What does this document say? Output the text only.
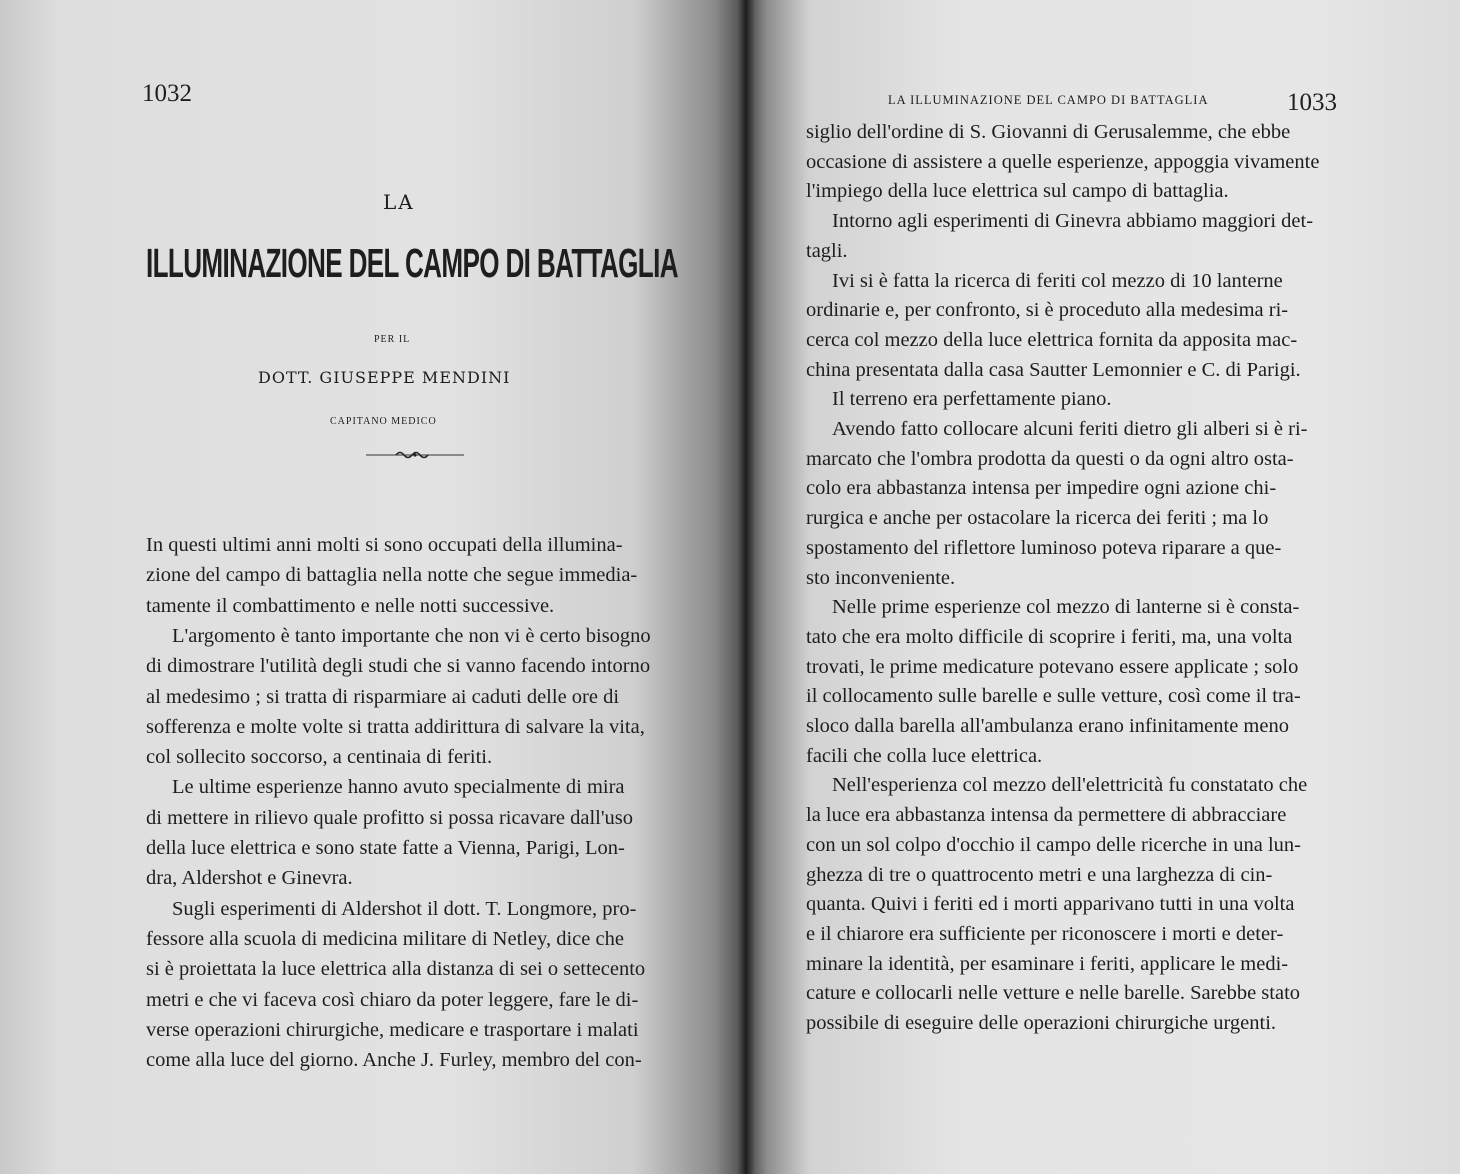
1032
LA
ILLUMINAZIONE DEL CAMPO DI BATTAGLIA
PER IL
DOTT. GIUSEPPE MENDINI
CAPITANO MEDICO
In questi ultimi anni molti si sono occupati della illumina-
zione del campo di battaglia nella notte che segue immedia-
tamente il combattimento e nelle notti successive.
L'argomento è tanto importante che non vi è certo bisogno
di dimostrare l'utilità degli studi che si vanno facendo intorno
al medesimo ; si tratta di risparmiare ai caduti delle ore di
sofferenza e molte volte si tratta addirittura di salvare la vita,
col sollecito soccorso, a centinaia di feriti.
Le ultime esperienze hanno avuto specialmente di mira
di mettere in rilievo quale profitto si possa ricavare dall'uso
della luce elettrica e sono state fatte a Vienna, Parigi, Lon-
dra, Aldershot e Ginevra.
Sugli esperimenti di Aldershot il dott. T. Longmore, pro-
fessore alla scuola di medicina militare di Netley, dice che
si è proiettata la luce elettrica alla distanza di sei o settecento
metri e che vi faceva così chiaro da poter leggere, fare le di-
verse operazioni chirurgiche, medicare e trasportare i malati
come alla luce del giorno. Anche J. Furley, membro del con-
LA ILLUMINAZIONE DEL CAMPO DI BATTAGLIA	1033
siglio dell'ordine di S. Giovanni di Gerusalemme, che ebbe
occasione di assistere a quelle esperienze, appoggia vivamente
l'impiego della luce elettrica sul campo di battaglia.
Intorno agli esperimenti di Ginevra abbiamo maggiori det-
tagli.
Ivi si è fatta la ricerca di feriti col mezzo di 10 lanterne
ordinarie e, per confronto, si è proceduto alla medesima ri-
cerca col mezzo della luce elettrica fornita da apposita mac-
china presentata dalla casa Sautter Lemonnier e C. di Parigi.
Il terreno era perfettamente piano.
Avendo fatto collocare alcuni feriti dietro gli alberi si è ri-
marcato che l'ombra prodotta da questi o da ogni altro osta-
colo era abbastanza intensa per impedire ogni azione chi-
rurgica e anche per ostacolare la ricerca dei feriti ; ma lo
spostamento del riflettore luminoso poteva riparare a que-
sto inconveniente.
Nelle prime esperienze col mezzo di lanterne si è consta-
tato che era molto difficile di scoprire i feriti, ma, una volta
trovati, le prime medicature potevano essere applicate ; solo
il collocamento sulle barelle e sulle vetture, così come il tra-
sloco dalla barella all'ambulanza erano infinitamente meno
facili che colla luce elettrica.
Nell'esperienza col mezzo dell'elettricità fu constatato che
la luce era abbastanza intensa da permettere di abbracciare
con un sol colpo d'occhio il campo delle ricerche in una lun-
ghezza di tre o quattrocento metri e una larghezza di cin-
quanta. Quivi i feriti ed i morti apparivano tutti in una volta
e il chiarore era sufficiente per riconoscere i morti e deter-
minare la identità, per esaminare i feriti, applicare le medi-
cature e collocarli nelle vetture e nelle barelle. Sarebbe stato
possibile di eseguire delle operazioni chirurgiche urgenti.
